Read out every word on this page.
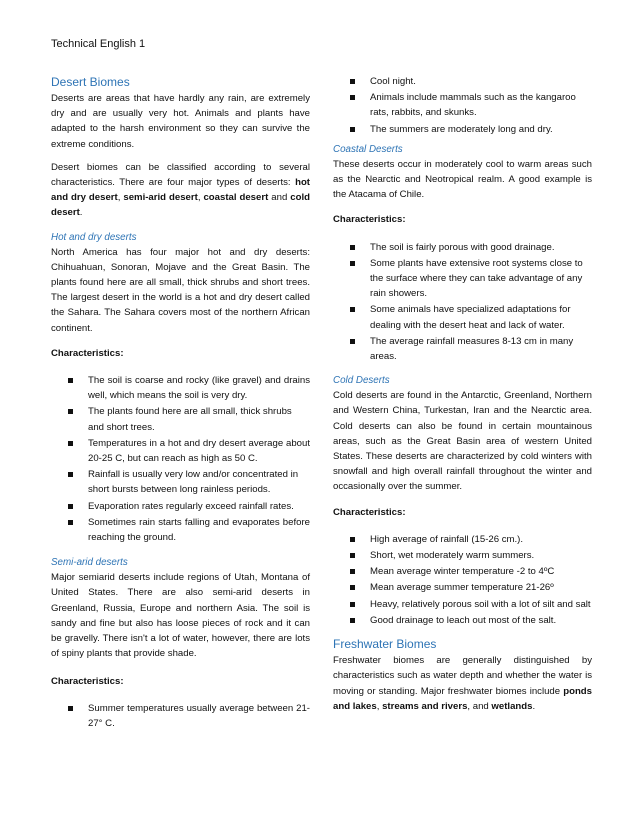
Technical English 1
Desert Biomes
Deserts are areas that have hardly any rain, are extremely dry and are usually very hot. Animals and plants have adapted to the harsh environment so they can survive the extreme conditions.
Desert biomes can be classified according to several characteristics. There are four major types of deserts: hot and dry desert, semi-arid desert, coastal desert and cold desert.
Hot and dry deserts
North America has four major hot and dry deserts: Chihuahuan, Sonoran, Mojave and the Great Basin. The plants found here are all small, thick shrubs and short trees. The largest desert in the world is a hot and dry desert called the Sahara. The Sahara covers most of the northern African continent.
Characteristics:
The soil is coarse and rocky (like gravel) and drains well, which means the soil is very dry.
The plants found here are all small, thick shrubs and short trees.
Temperatures in a hot and dry desert average about 20-25 C, but can reach as high as 50 C.
Rainfall is usually very low and/or concentrated in short bursts between long rainless periods.
Evaporation rates regularly exceed rainfall rates.
Sometimes rain starts falling and evaporates before reaching the ground.
Semi-arid deserts
Major semiarid deserts include regions of Utah, Montana of United States. There are also semi-arid deserts in Greenland, Russia, Europe and northern Asia. The soil is sandy and fine but also has loose pieces of rock and it can be gravelly. There isn't a lot of water, however, there are lots of spiny plants that provide shade.
Characteristics:
Summer temperatures usually average between 21-27° C.
Cool night.
Animals include mammals such as the kangaroo rats, rabbits, and skunks.
The summers are moderately long and dry.
Coastal Deserts
These deserts occur in moderately cool to warm areas such as the Nearctic and Neotropical realm. A good example is the Atacama of Chile.
Characteristics:
The soil is fairly porous with good drainage.
Some plants have extensive root systems close to the surface where they can take advantage of any rain showers.
Some animals have specialized adaptations for dealing with the desert heat and lack of water.
The average rainfall measures 8-13 cm in many areas.
Cold Deserts
Cold deserts are found in the Antarctic, Greenland, Northern and Western China, Turkestan, Iran and the Nearctic area. Cold deserts can also be found in certain mountainous areas, such as the Great Basin area of western United States. These deserts are characterized by cold winters with snowfall and high overall rainfall throughout the winter and occasionally over the summer.
Characteristics:
High average of rainfall (15-26 cm.).
Short, wet moderately warm summers.
Mean average winter temperature -2 to 4ºC
Mean average summer temperature 21-26º
Heavy, relatively porous soil with a lot of silt and salt
Good drainage to leach out most of the salt.
Freshwater Biomes
Freshwater biomes are generally distinguished by characteristics such as water depth and whether the water is moving or standing. Major freshwater biomes include ponds and lakes, streams and rivers, and wetlands.
